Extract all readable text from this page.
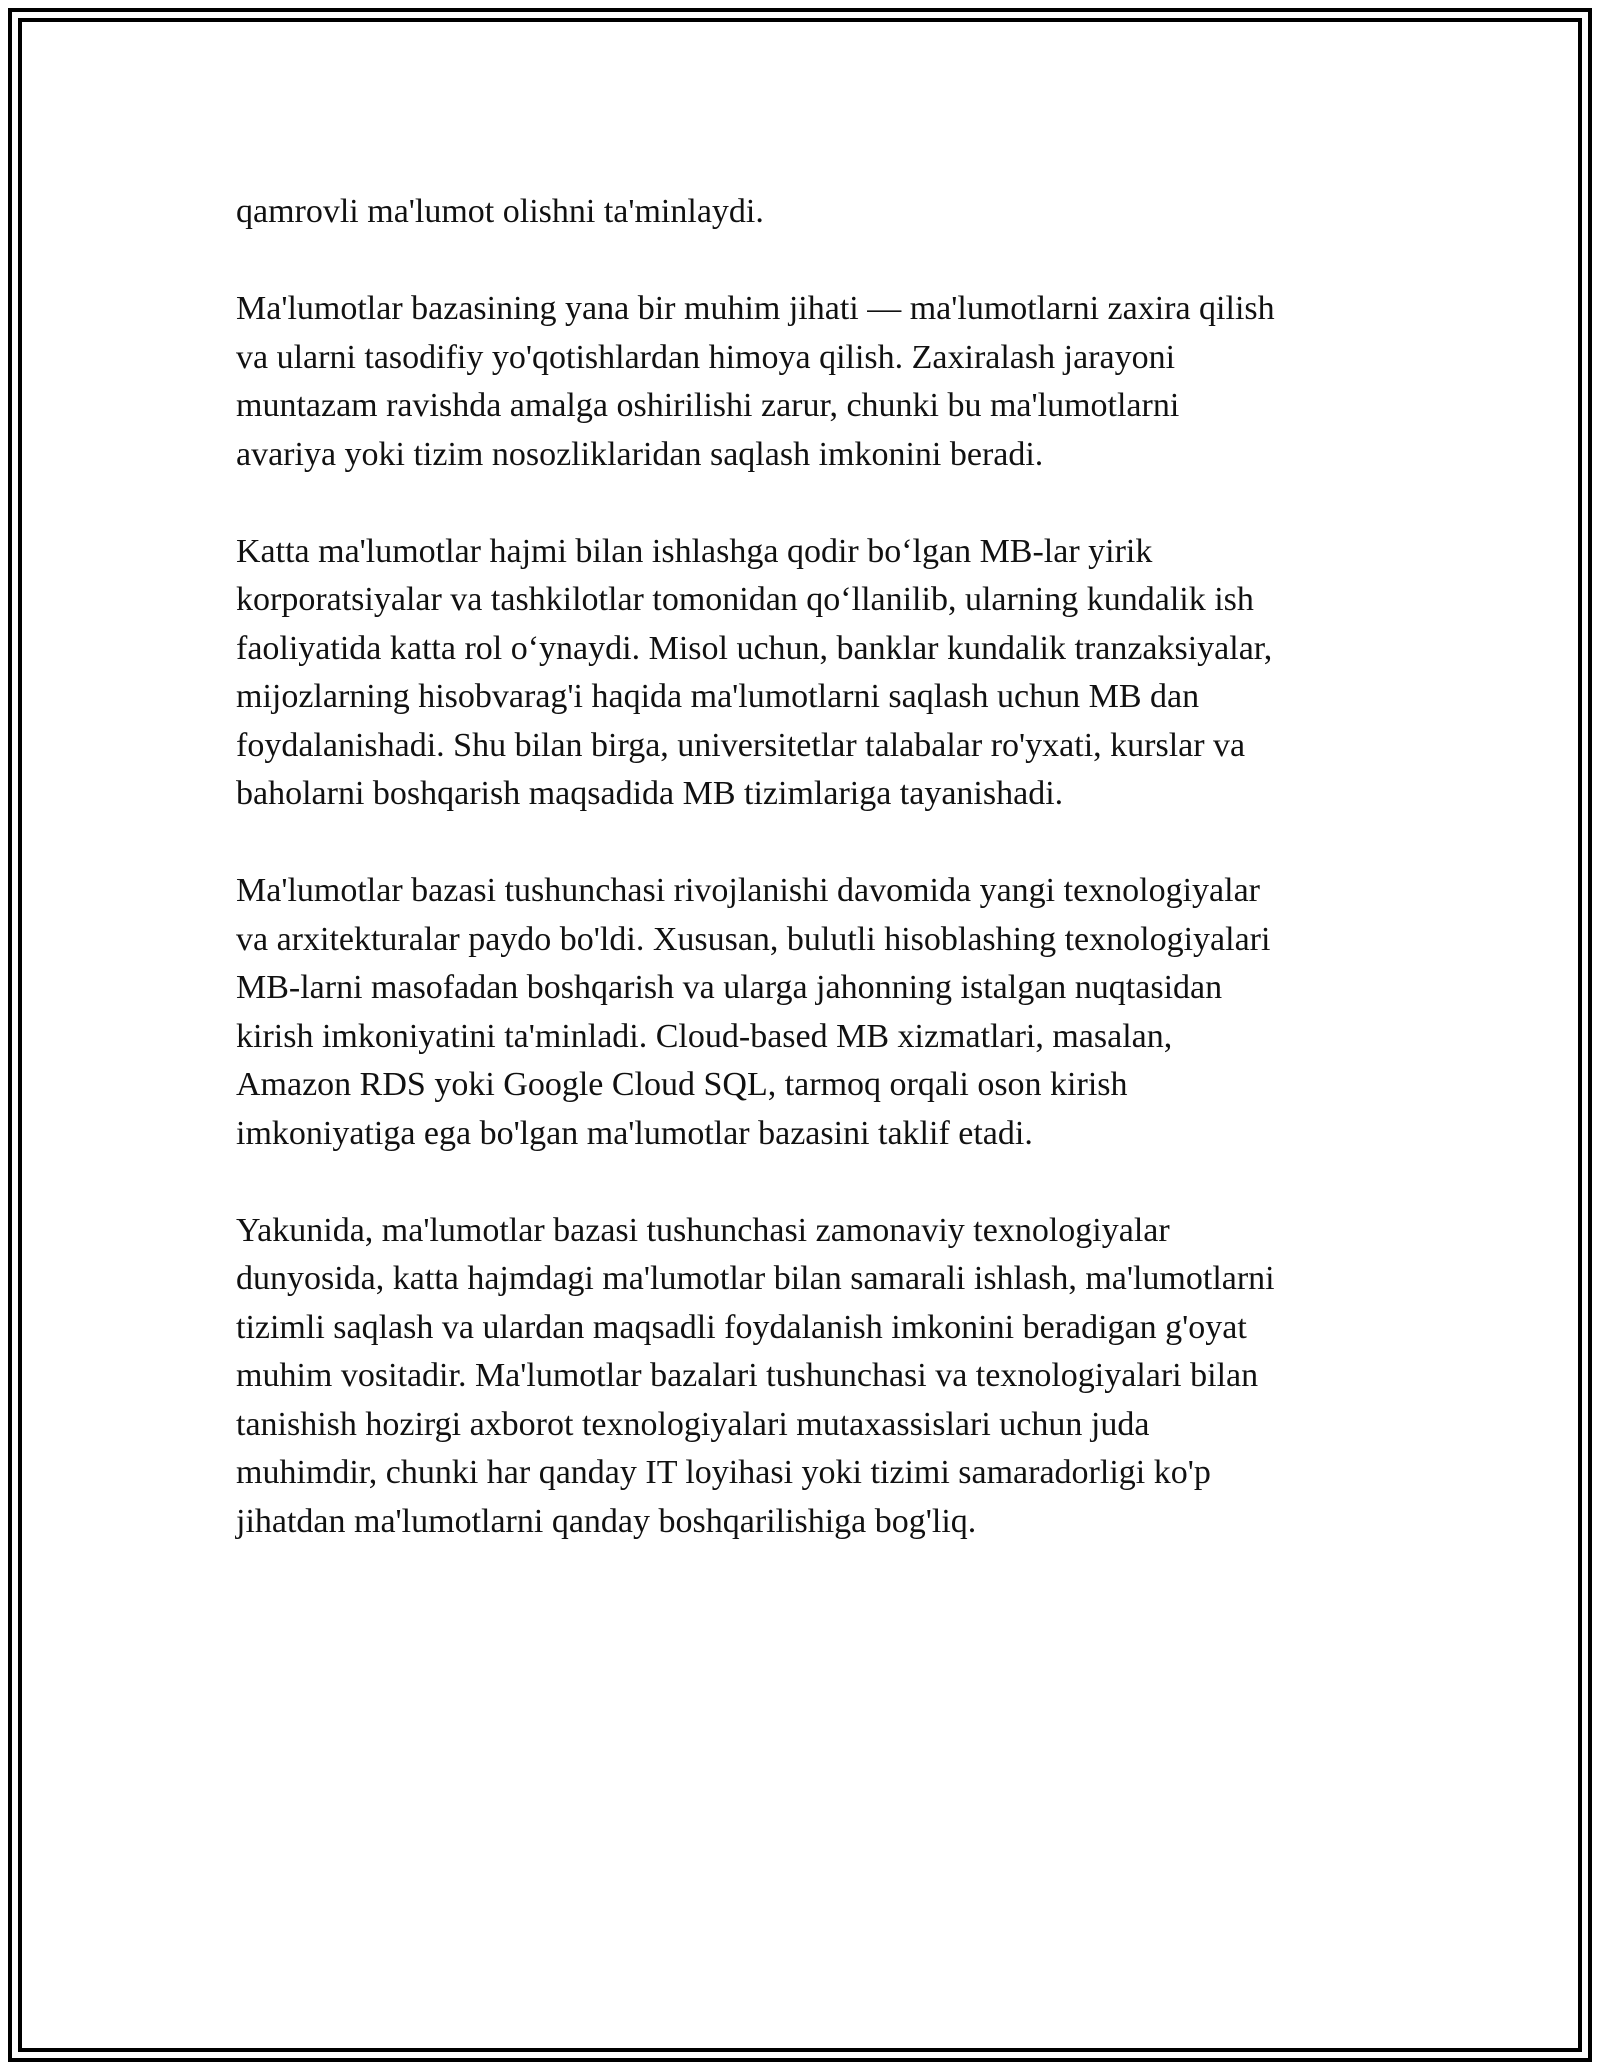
qamrovli ma'lumot olishni ta'minlaydi.

Ma'lumotlar bazasining yana bir muhim jihati — ma'lumotlarni zaxira qilish
va ularni tasodifiy yo'qotishlardan himoya qilish. Zaxiralash jarayoni
muntazam ravishda amalga oshirilishi zarur, chunki bu ma'lumotlarni
avariya yoki tizim nosozliklaridan saqlash imkonini beradi.

Katta ma'lumotlar hajmi bilan ishlashga qodir bo‘lgan MB-lar yirik
korporatsiyalar va tashkilotlar tomonidan qo‘llanilib, ularning kundalik ish
faoliyatida katta rol o‘ynaydi. Misol uchun, banklar kundalik tranzaksiyalar,
mijozlarning hisobvarag'i haqida ma'lumotlarni saqlash uchun MB dan
foydalanishadi. Shu bilan birga, universitetlar talabalar ro'yxati, kurslar va
baholarni boshqarish maqsadida MB tizimlariga tayanishadi.

Ma'lumotlar bazasi tushunchasi rivojlanishi davomida yangi texnologiyalar
va arxitekturalar paydo bo'ldi. Xususan, bulutli hisoblashing texnologiyalari
MB-larni masofadan boshqarish va ularga jahonning istalgan nuqtasidan
kirish imkoniyatini ta'minladi. Cloud-based MB xizmatlari, masalan,
Amazon RDS yoki Google Cloud SQL, tarmoq orqali oson kirish
imkoniyatiga ega bo'lgan ma'lumotlar bazasini taklif etadi.

Yakunida, ma'lumotlar bazasi tushunchasi zamonaviy texnologiyalar
dunyosida, katta hajmdagi ma'lumotlar bilan samarali ishlash, ma'lumotlarni
tizimli saqlash va ulardan maqsadli foydalanish imkonini beradigan g'oyat
muhim vositadir. Ma'lumotlar bazalari tushunchasi va texnologiyalari bilan
tanishish hozirgi axborot texnologiyalari mutaxassislari uchun juda
muhimdir, chunki har qanday IT loyihasi yoki tizimi samaradorligi ko'p
jihatdan ma'lumotlarni qanday boshqarilishiga bog'liq.
